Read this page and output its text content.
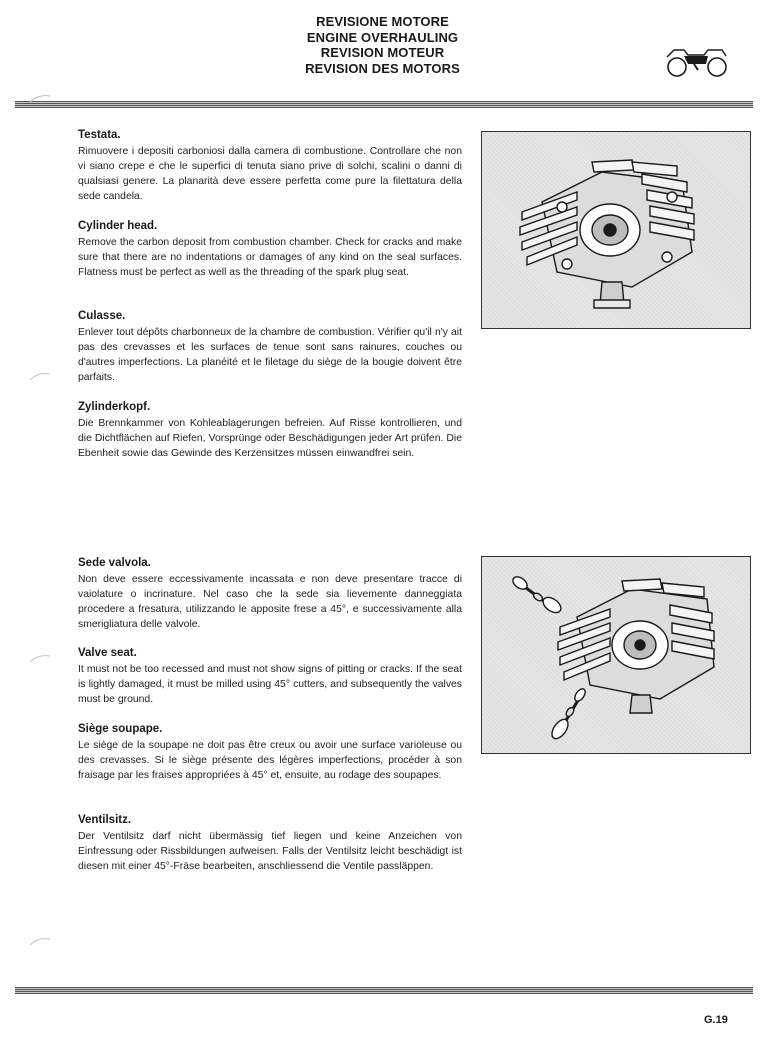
REVISIONE MOTORE
ENGINE OVERHAULING
REVISION MOTEUR
REVISION DES MOTORS
Testata.

Rimuovere i depositi carboniosi dalla camera di combustione. Controllare che non vi siano crepe e che le superfici di tenuta siano prive di solchi, scalini o danni di qualsiasi genere. La planarità deve essere perfetta come pure la filettatura della sede candela.

Cylinder head.

Remove the carbon deposit from combustion chamber. Check for cracks and make sure that there are no indentations or damages of any kind on the seal surfaces. Flatness must be perfect as well as the threading of the spark plug seat.

Culasse.

Enlever tout dépôts charbonneux de la chambre de combustion. Vérifier qu'il n'y ait pas des crevasses et les surfaces de tenue sont sans rainures, couches ou d'autres imperfections. La planéité et le filetage du siège de la bougie doivent être parfaits.

Zylinderkopf.

Die Brennkammer von Kohleablagerungen befreien. Auf Risse kontrollieren, und die Dichtflächen auf Riefen, Vorsprünge oder Beschädigungen jeder Art prüfen. Die Ebenheit sowie das Gewinde des Kerzensitzes müssen einwandfrei sein.

Sede valvola.

Non deve essere eccessivamente incassata e non deve presentare tracce di vaiolature o incrinature. Nel caso che la sede sia lievemente danneggiata procedere a fresatura, utilizzando le apposite frese a 45°, e successivamente alla smerigliatura delle valvole.

Valve seat.

It must not be too recessed and must not show signs of pitting or cracks. If the seat is lightly damaged, it must be milled using 45° cutters, and subsequently the valves must be ground.

Siège soupape.

Le siège de la soupape ne doit pas être creux ou avoir une surface varioleuse ou des crevasses. Si le siège présente des légères imperfections, procéder à son fraisage par les fraises appropriées à 45° et, ensuite, au rodage des soupapes.

Ventilsitz.

Der Ventilsitz darf nicht übermässig tief liegen und keine Anzeichen von Einfressung oder Rissbildungen aufweisen. Falls der Ventilsitz leicht beschädigt ist diesen mit einer 45°-Fräse bearbeiten, anschliessend die Ventile passläppen.

G.19
